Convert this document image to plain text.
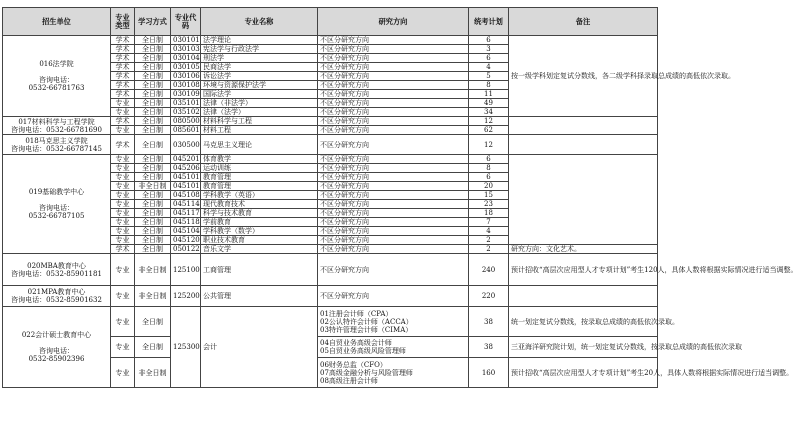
招生单位	专业类型	学习方式	专业代码	专业名称	研究方向	统考计划	备注
016法学院

咨询电话：
0532-66781763	学术	全日制	030101	法学理论	不区分研究方向	6	按一级学科划定复试分数线，各二级学科择录取总成绩的高低依次录取。
	学术	全日制	030103	宪法学与行政法学	不区分研究方向	3	
	学术	全日制	030104	刑法学	不区分研究方向	6	
	学术	全日制	030105	民商法学	不区分研究方向	4	
	学术	全日制	030106	诉讼法学	不区分研究方向	5	
	学术	全日制	030108	环境与资源保护法学	不区分研究方向	8	
	学术	全日制	030109	国际法学	不区分研究方向	11	
	专业	全日制	035101	法律（非法学）	不区分研究方向	49	
	专业	全日制	035102	法律（法学）	不区分研究方向	34	
017材料科学与工程学院
咨询电话：0532-66781690	学术	全日制	080500	材料科学与工程	不区分研究方向	12	
	专业	全日制	085601	材料工程	不区分研究方向	62	
018马克思主义学院
咨询电话：0532-66787145	学术	全日制	030500	马克思主义理论	不区分研究方向	12	
019基础教学中心

咨询电话：
0532-66787105	专业	全日制	045201	体育教学	不区分研究方向	6	
	专业	全日制	045206	运动训练	不区分研究方向	8	
	专业	全日制	045101	教育管理	不区分研究方向	6	
	专业	非全日制	045101	教育管理	不区分研究方向	20	
	专业	全日制	045108	学科教学（英语）	不区分研究方向	15	
	专业	全日制	045114	现代教育技术	不区分研究方向	23	
	专业	全日制	045117	科学与技术教育	不区分研究方向	18	
	专业	全日制	045118	学前教育	不区分研究方向	7	
	专业	全日制	045104	学科教学（数学）	不区分研究方向	4	
	专业	全日制	045120	职业技术教育	不区分研究方向	2	
	学术	全日制	050122	音乐文学	不区分研究方向	2	研究方向：文化艺术。
020MBA教育中心
咨询电话：0532-85901181	专业	非全日制	125100	工商管理	不区分研究方向	240	预计招收“高层次应用型人才专项计划”考生120人，具体人数将根据实际情况进行适当调整。
021MPA教育中心
咨询电话：0532-85901632	专业	非全日制	125200	公共管理	不区分研究方向	220	
022会计硕士教育中心

咨询电话：
0532-85902396	专业	全日制	125300	会计	01注册会计师（CPA）
02公认特许会计师（ACCA）
03特许管理会计师（CIMA）	38	统一划定复试分数线，按录取总成绩的高低依次录取。
	专业	全日制			04自贸业务高级会计师
05自贸业务高级风险管理师	38	三亚海洋研究院计划，统一划定复试分数线，按录取总成绩的高低依次录取
	专业	非全日制			06财务总监（CFO）
07高级金融分析与风险管理师
08高级注册会计师	160	预计招收“高层次应用型人才专项计划”考生20人，具体人数将根据实际情况进行适当调整。
